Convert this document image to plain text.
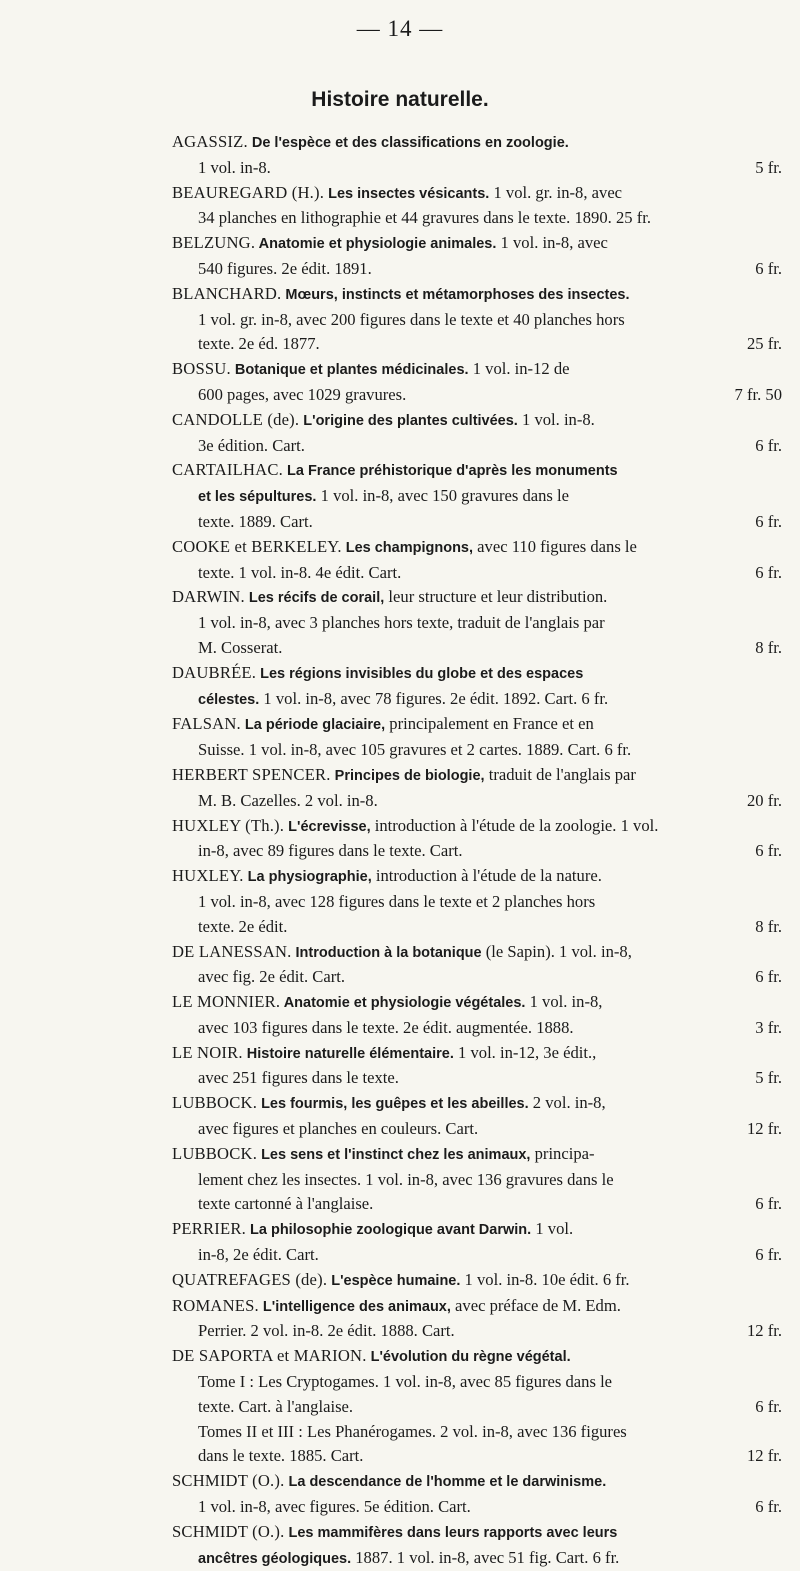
— 14 —
Histoire naturelle.
AGASSIZ. De l'espèce et des classifications en zoologie.
1 vol. in-8.	5 fr.
BEAUREGARD (H.). Les insectes vésicants. 1 vol. gr. in-8, avec
34 planches en lithographie et 44 gravures dans le texte. 1890. 25 fr.
BELZUNG. Anatomie et physiologie animales. 1 vol. in-8, avec
540 figures. 2e édit. 1891.	6 fr.
BLANCHARD. Mœurs, instincts et métamorphoses des insectes.
1 vol. gr. in-8, avec 200 figures dans le texte et 40 planches hors
texte. 2e éd. 1877.	25 fr.
BOSSU. Botanique et plantes médicinales. 1 vol. in-12 de
600 pages, avec 1029 gravures.	7 fr. 50
CANDOLLE (de). L'origine des plantes cultivées. 1 vol. in-8.
3e édition. Cart.	6 fr.
CARTAILHAC. La France préhistorique d'après les monuments
et les sépultures. 1 vol. in-8, avec 150 gravures dans le
texte. 1889. Cart.	6 fr.
COOKE et BERKELEY. Les champignons, avec 110 figures dans le
texte. 1 vol. in-8. 4e édit. Cart.	6 fr.
DARWIN. Les récifs de corail, leur structure et leur distribution.
1 vol. in-8, avec 3 planches hors texte, traduit de l'anglais par
M. Cosserat.	8 fr.
DAUBRÉE. Les régions invisibles du globe et des espaces
célestes. 1 vol. in-8, avec 78 figures. 2e édit. 1892. Cart. 6 fr.
FALSAN. La période glaciaire, principalement en France et en
Suisse. 1 vol. in-8, avec 105 gravures et 2 cartes. 1889. Cart. 6 fr.
HERBERT SPENCER. Principes de biologie, traduit de l'anglais par
M. B. Cazelles. 2 vol. in-8.	20 fr.
HUXLEY (Th.). L'écrevisse, introduction à l'étude de la zoologie. 1 vol.
in-8, avec 89 figures dans le texte. Cart.	6 fr.
HUXLEY. La physiographie, introduction à l'étude de la nature.
1 vol. in-8, avec 128 figures dans le texte et 2 planches hors
texte. 2e édit.	8 fr.
DE LANESSAN. Introduction à la botanique (le Sapin). 1 vol. in-8,
avec fig. 2e édit. Cart.	6 fr.
LE MONNIER. Anatomie et physiologie végétales. 1 vol. in-8,
avec 103 figures dans le texte. 2e édit. augmentée. 1888.	3 fr.
LE NOIR. Histoire naturelle élémentaire. 1 vol. in-12, 3e édit.,
avec 251 figures dans le texte.	5 fr.
LUBBOCK. Les fourmis, les guêpes et les abeilles. 2 vol. in-8,
avec figures et planches en couleurs. Cart.	12 fr.
LUBBOCK. Les sens et l'instinct chez les animaux, principa-
lement chez les insectes. 1 vol. in-8, avec 136 gravures dans le
texte cartonné à l'anglaise.	6 fr.
PERRIER. La philosophie zoologique avant Darwin. 1 vol.
in-8, 2e édit. Cart.	6 fr.
QUATREFAGES (de). L'espèce humaine. 1 vol. in-8. 10e édit. 6 fr.
ROMANES. L'intelligence des animaux, avec préface de M. Edm.
Perrier. 2 vol. in-8. 2e édit. 1888. Cart.	12 fr.
DE SAPORTA et MARION. L'évolution du règne végétal.
Tome I : Les Cryptogames. 1 vol. in-8, avec 85 figures dans le
texte. Cart. à l'anglaise.	6 fr.
Tomes II et III : Les Phanérogames. 2 vol. in-8, avec 136 figures
dans le texte. 1885. Cart.	12 fr.
SCHMIDT (O.). La descendance de l'homme et le darwinisme.
1 vol. in-8, avec figures. 5e édition. Cart.	6 fr.
SCHMIDT (O.). Les mammifères dans leurs rapports avec leurs
ancêtres géologiques. 1887. 1 vol. in-8, avec 51 fig. Cart. 6 fr.
